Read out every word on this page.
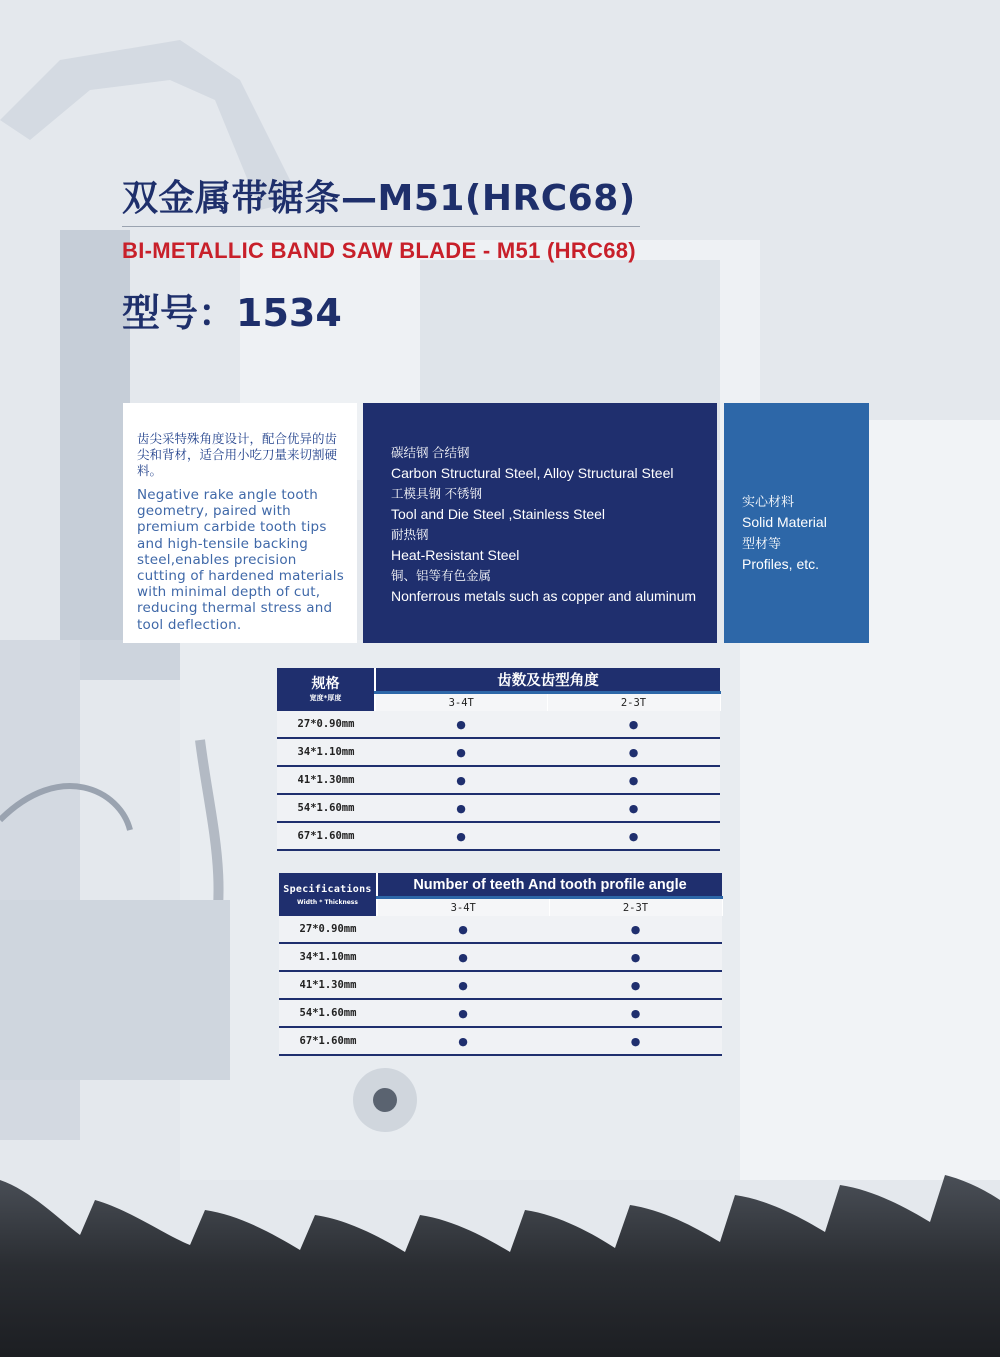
双金属带锯条—M51(HRC68)
BI-METALLIC BAND SAW BLADE - M51 (HRC68)
型号：1534

齿尖采特殊角度设计，配合优异的齿尖和背材，适合用小吃刀量来切割硬料。

Negative rake angle tooth geometry, paired with premium carbide tooth tips and high-tensile backing steel,enables precision cutting of hardened materials with minimal depth of cut, reducing thermal stress and tool deflection.

碳结钢 合结钢
Carbon Structural Steel, Alloy Structural Steel
工模具钢 不锈钢
Tool and Die Steel ,Stainless Steel
耐热钢
Heat-Resistant Steel
铜、铝等有色金属
Nonferrous metals such as copper and aluminum
实心材料
Solid Material
型材等
Profiles, etc.
规格
宽度*厚度	齿数及齿型角度	
	3-4T	2-3T
27*0.90mm	●	●
34*1.10mm	●	●
41*1.30mm	●	●
54*1.60mm	●	●
67*1.60mm	●	●
Specifications
Width * Thickness	Number of teeth And tooth profile angle	
	3-4T	2-3T
27*0.90mm	●	●
34*1.10mm	●	●
41*1.30mm	●	●
54*1.60mm	●	●
67*1.60mm	●	●
